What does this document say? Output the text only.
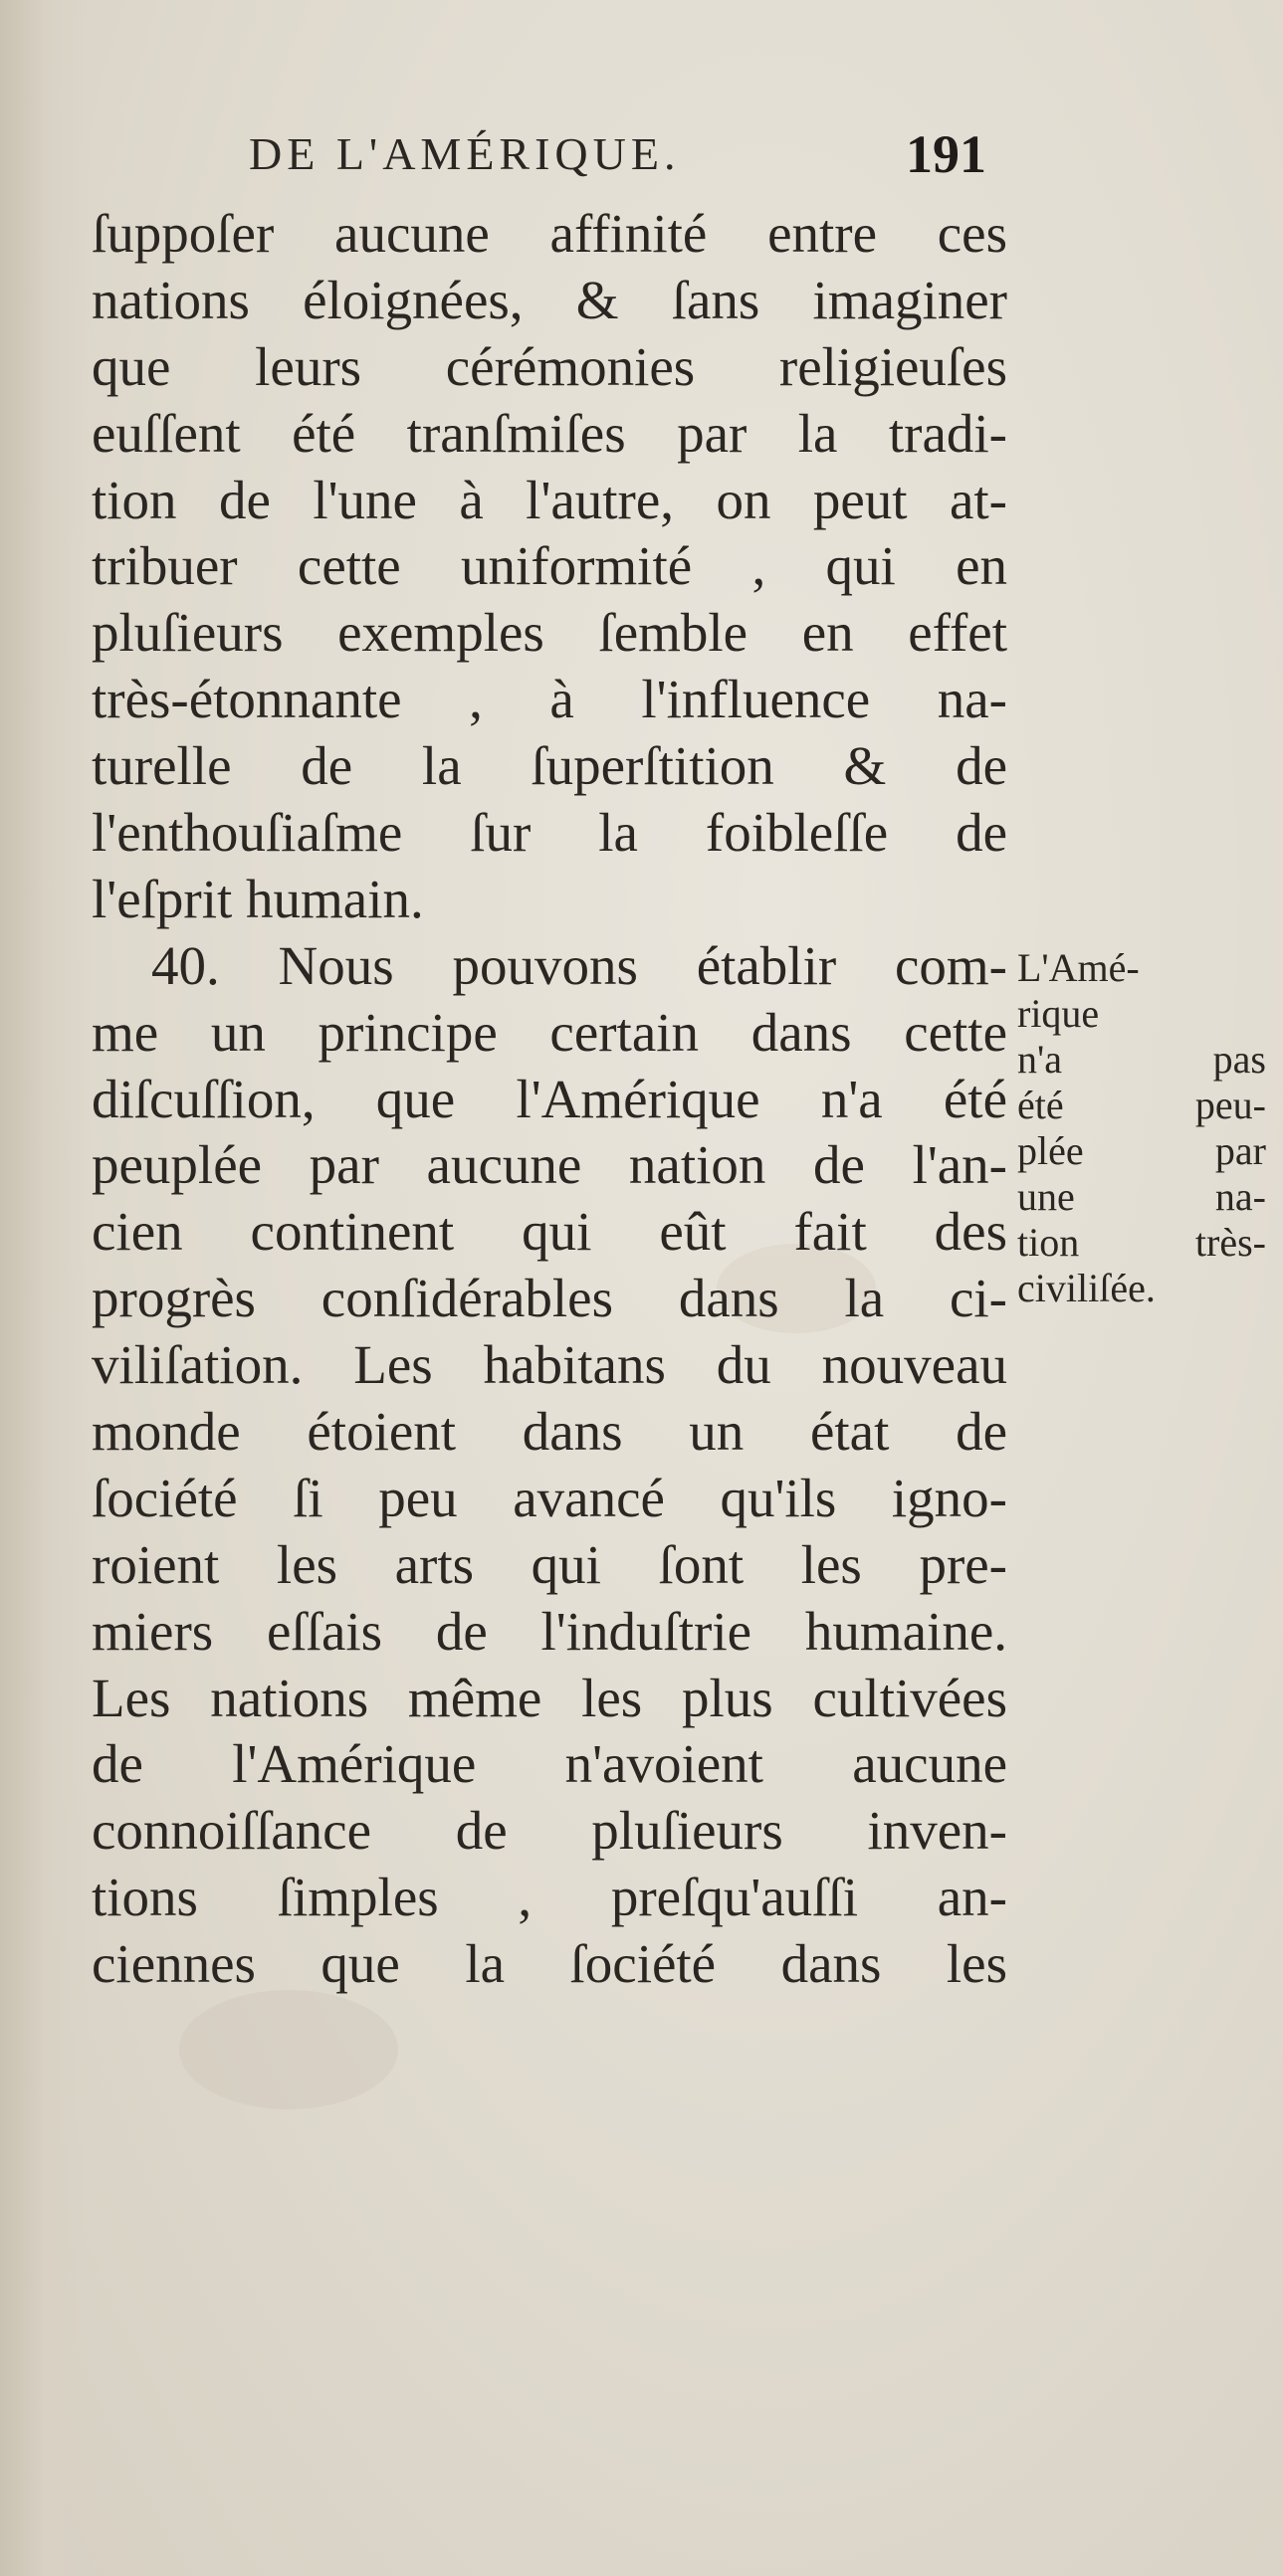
DE L'AMÉRIQUE.	191
ſuppoſer aucune affinité entre ces
nations éloignées, & ſans imaginer
que leurs cérémonies religieuſes
euſſent été tranſmiſes par la tradi-
tion de l'une à l'autre, on peut at-
tribuer cette uniformité , qui en
pluſieurs exemples ſemble en effet
très-étonnante , à l'influence na-
turelle de la ſuperſtition & de
l'enthouſiaſme ſur la foibleſſe de
l'eſprit humain.
40. Nous pouvons établir com-
me un principe certain dans cette
diſcuſſion, que l'Amérique n'a été
peuplée par aucune nation de l'an-
cien continent qui eût fait des
progrès conſidérables dans la ci-
viliſation. Les habitans du nouveau
monde étoient dans un état de
ſociété ſi peu avancé qu'ils igno-
roient les arts qui ſont les pre-
miers eſſais de l'induſtrie humaine.
Les nations même les plus cultivées
de l'Amérique n'avoient aucune
connoiſſance de pluſieurs inven-
tions ſimples , preſqu'auſſi an-
ciennes que la ſociété dans les
L'Amé-
rique
n'a pas
été peu-
plée par
une na-
tion très-
civiliſée.
